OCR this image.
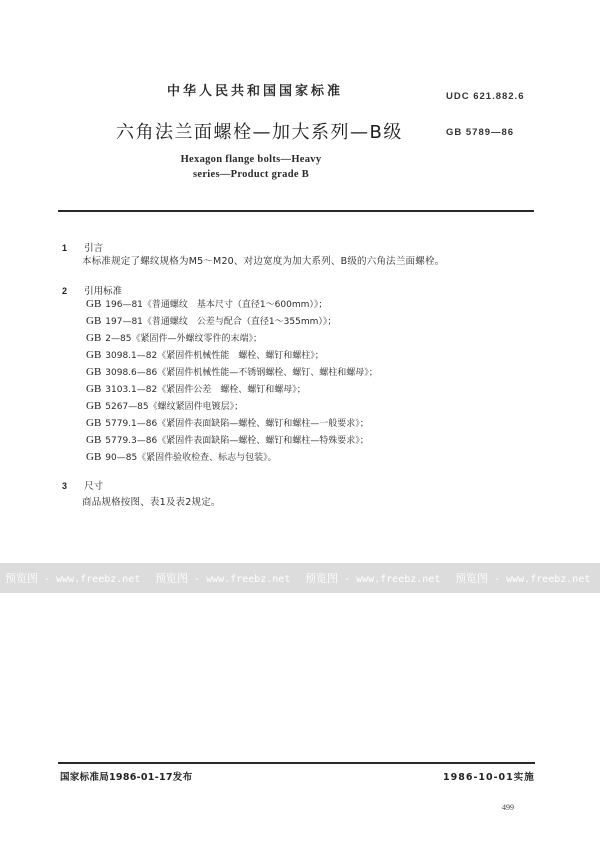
中华人民共和国国家标准	UDC 621.882.6
六角法兰面螺栓—加大系列—B级	GB 5789—86
Hexagon flange bolts—Heavy
series—Product grade B
1 引言
本标准规定了螺纹规格为M5～M20、对边宽度为加大系列、B级的六角法兰面螺栓。
2 引用标准
GB 196—81《普通螺纹　基本尺寸（直径1～600mm）》；
GB 197—81《普通螺纹　公差与配合（直径1～355mm）》；
GB 2—85《紧固件—外螺纹零件的末端》；
GB 3098.1—82《紧固件机械性能　螺栓、螺钉和螺柱》；
GB 3098.6—86《紧固件机械性能—不锈钢螺栓、螺钉、螺柱和螺母》；
GB 3103.1—82《紧固件公差　螺栓、螺钉和螺母》；
GB 5267—85《螺纹紧固件电镀层》；
GB 5779.1—86《紧固件表面缺陷—螺栓、螺钉和螺柱—一般要求》；
GB 5779.3—86《紧固件表面缺陷—螺栓、螺钉和螺柱—特殊要求》；
GB 90—85《紧固件验收检查、标志与包装》。
3 尺寸
商品规格按图、表1及表2规定。
预览图 - www.freebz.net	预览图 - www.freebz.net	预览图 - www.freebz.net	预览图 - www.freebz.net
国家标准局1986-01-17发布	1986-10-01实施
499
